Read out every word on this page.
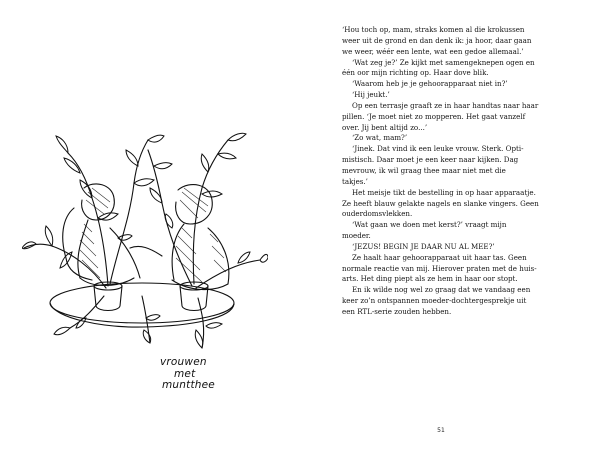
vrouwen
met
muntthee
‘Hou toch op, mam, straks komen al die krokussen
weer uit de grond en dan denk ik: ja hoor, daar gaan
we weer, wéér een lente, wat een gedoe allemaal.’
‘Wat zeg je?’ Ze kijkt met samengeknepen ogen en
één oor mijn richting op. Haar dove blik.
‘Waarom heb je je gehoorapparaat niet in?’
‘Hij jeukt.’
Op een terrasje graaft ze in haar handtas naar haar
pillen. ‘Je moet niet zo mopperen. Het gaat vanzelf
over. Jij bent altijd zo...’
‘Zo wat, mam?’
‘Jinek. Dat vind ik een leuke vrouw. Sterk. Opti-
mistisch. Daar moet je een keer naar kijken. Dag
mevrouw, ik wil graag thee maar niet met die
takjes.’
Het meisje tikt de bestelling in op haar apparaatje.
Ze heeft blauw gelakte nagels en slanke vingers. Geen
ouderdomsvlekken.
‘Wat gaan we doen met kerst?’ vraagt mijn
moeder.
‘JEZUS! BEGIN JE DAAR NU AL MEE?’
Ze haalt haar gehoorapparaat uit haar tas. Geen
normale reactie van mij. Hierover praten met de huis-
arts. Het ding piept als ze hem in haar oor stopt.
En ik wilde nog wel zo graag dat we vandaag een
keer zo’n ontspannen moeder-dochtergesprekje uit
een RTL-serie zouden hebben.
51
